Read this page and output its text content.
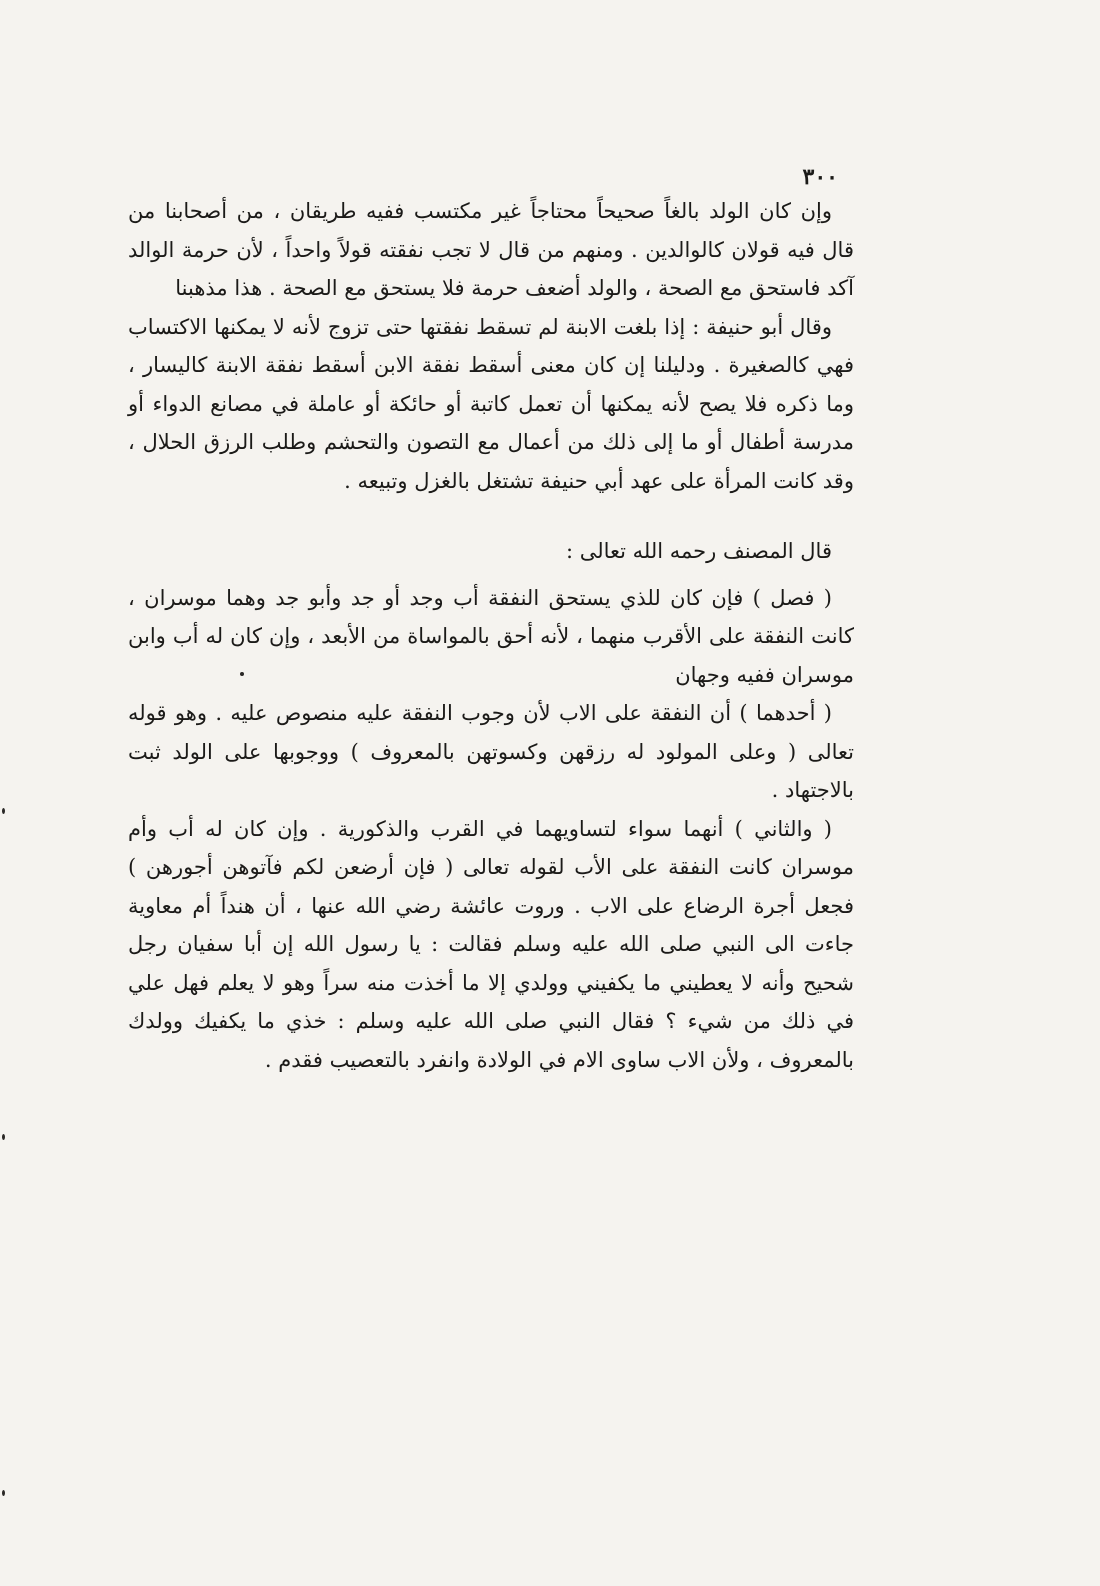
٣٠٠

وإن كان الولد بالغاً صحيحاً محتاجاً غير مكتسب ففيه طريقان ، من أصحابنا من قال فيه قولان كالوالدين . ومنهم من قال لا تجب نفقته قولاً واحداً ، لأن حرمة الوالد آكد فاستحق مع الصحة ، والولد أضعف حرمة فلا يستحق مع الصحة . هذا مذهبنا

وقال أبو حنيفة : إذا بلغت الابنة لم تسقط نفقتها حتى تزوج لأنه لا يمكنها الاكتساب فهي كالصغيرة . ودليلنا إن كان معنى أسقط نفقة الابن أسقط نفقة الابنة كاليسار ، وما ذكره فلا يصح لأنه يمكنها أن تعمل كاتبة أو حائكة أو عاملة في مصانع الدواء أو مدرسة أطفال أو ما إلى ذلك من أعمال مع التصون والتحشم وطلب الرزق الحلال ، وقد كانت المرأة على عهد أبي حنيفة تشتغل بالغزل وتبيعه .

قال المصنف رحمه الله تعالى :

( فصل ) فإن كان للذي يستحق النفقة أب وجد أو جد وأبو جد وهما موسران ، كانت النفقة على الأقرب منهما ، لأنه أحق بالمواساة من الأبعد ، وإن كان له أب وابن موسران ففيه وجهان

( أحدهما ) أن النفقة على الاب لأن وجوب النفقة عليه منصوص عليه . وهو قوله تعالى ( وعلى المولود له رزقهن وكسوتهن بالمعروف ) ووجوبها على الولد ثبت بالاجتهاد .

( والثاني ) أنهما سواء لتساويهما في القرب والذكورية . وإن كان له أب وأم موسران كانت النفقة على الأب لقوله تعالى ( فإن أرضعن لكم فآتوهن أجورهن ) فجعل أجرة الرضاع على الاب . وروت عائشة رضي الله عنها ، أن هنداً أم معاوية جاءت الى النبي صلى الله عليه وسلم فقالت : يا رسول الله إن أبا سفيان رجل شحيح وأنه لا يعطيني ما يكفيني وولدي إلا ما أخذت منه سراً وهو لا يعلم فهل علي في ذلك من شيء ؟ فقال النبي صلى الله عليه وسلم : خذي ما يكفيك وولدك بالمعروف ، ولأن الاب ساوى الام في الولادة وانفرد بالتعصيب فقدم .
